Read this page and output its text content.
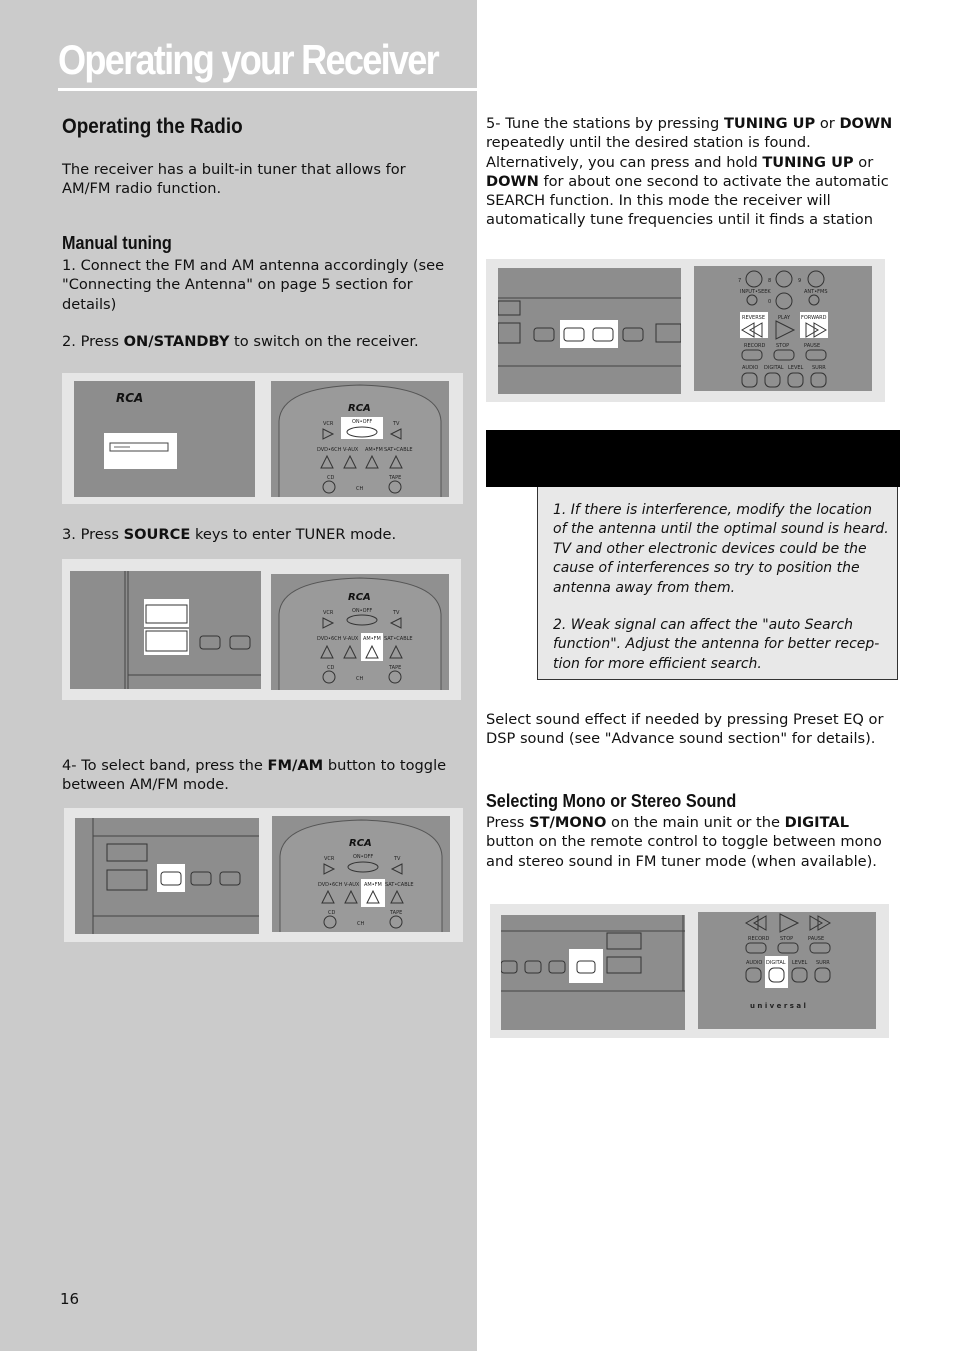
Operating your Receiver
Operating the Radio
The receiver has a built-in tuner that allows for AM/FM radio function.
Manual tuning
1. Connect the FM and AM antenna accordingly (see "Connecting the Antenna" on page 5 section for details)
2. Press ON/STANDBY to switch on the receiver.
RCA
RCA
ON•OFF
VCR	TV
DVD•6CH V-AUX AM•FM SAT•CABLE
CD	TAPE
CH
3. Press SOURCE keys to enter TUNER mode.
RCA
ON•OFF
VCR	TV
DVD•6CH V-AUX AM•FM SAT•CABLE
CD	TAPE
CH
4- To select band, press the FM/AM button to toggle between AM/FM mode.
RCA
ON•OFF
VCR	TV
DVD•6CH V-AUX AM•FM SAT•CABLE
CD	TAPE
CH
16
5- Tune the stations by pressing TUNING UP or DOWN repeatedly until the desired station is found. Alternatively, you can press and hold TUNING UP or DOWN for about one second to activate the automatic SEARCH function. In this mode the receiver will automatically tune frequencies until it finds a station
7	8	9
INPUT•SEEK	ANT•FMS
0
REVERSE	PLAY FORWARD
RECORD STOP	PAUSE
AUDIO DIGITAL LEVEL SURR
1. If there is interference, modify the location of the antenna until the optimal sound is heard. TV and other electronic devices could be the cause of interferences so try to position the antenna away from them.
2. Weak signal can affect the "auto Search function". Adjust the antenna for better recep- tion for more efficient search.
Select sound effect if needed by pressing Preset EQ or DSP sound (see "Advance sound section" for details).
Selecting Mono or Stereo Sound
Press ST/MONO on the main unit or the DIGITAL button on the remote control to toggle between mono and stereo sound in FM tuner mode (when available).
RECORD STOP	PAUSE
AUDIO DIGITAL LEVEL SURR
u n i v e r s a l
